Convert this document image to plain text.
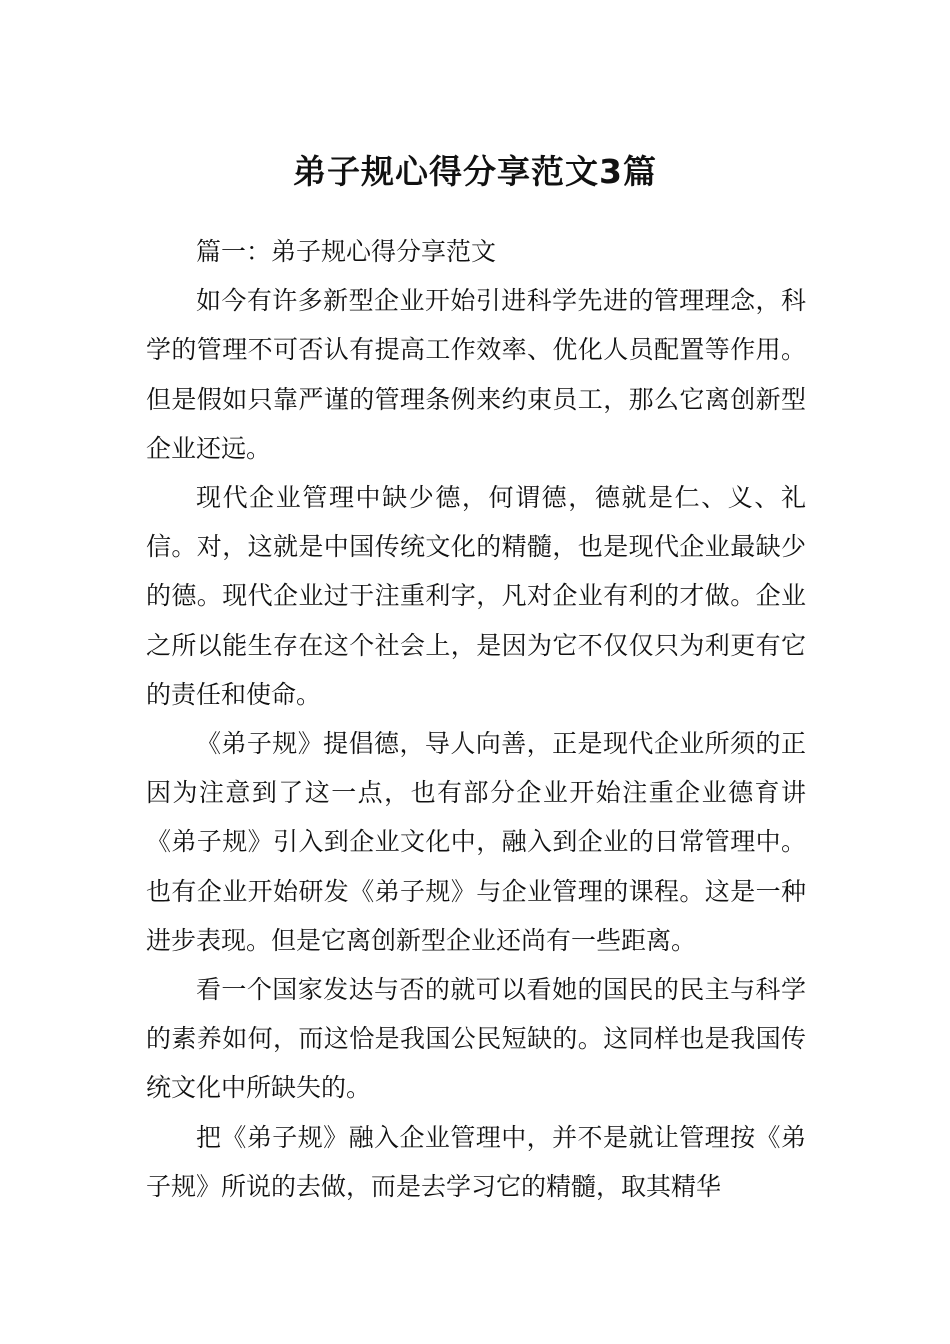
弟子规心得分享范文3篇

篇一：弟子规心得分享范文

如今有许多新型企业开始引进科学先进的管理理念，科学的管理不可否认有提高工作效率、优化人员配置等作用。但是假如只靠严谨的管理条例来约束员工，那么它离创新型企业还远。

现代企业管理中缺少德，何谓德，德就是仁、义、礼信。对，这就是中国传统文化的精髓，也是现代企业最缺少的德。现代企业过于注重利字，凡对企业有利的才做。企业之所以能生存在这个社会上，是因为它不仅仅只为利更有它的责任和使命。

《弟子规》提倡德，导人向善，正是现代企业所须的正因为注意到了这一点，也有部分企业开始注重企业德育讲《弟子规》引入到企业文化中，融入到企业的日常管理中。也有企业开始研发《弟子规》与企业管理的课程。这是一种进步表现。但是它离创新型企业还尚有一些距离。

看一个国家发达与否的就可以看她的国民的民主与科学的素养如何，而这恰是我国公民短缺的。这同样也是我国传统文化中所缺失的。

把《弟子规》融入企业管理中，并不是就让管理按《弟子规》所说的去做，而是去学习它的精髓，取其精华
